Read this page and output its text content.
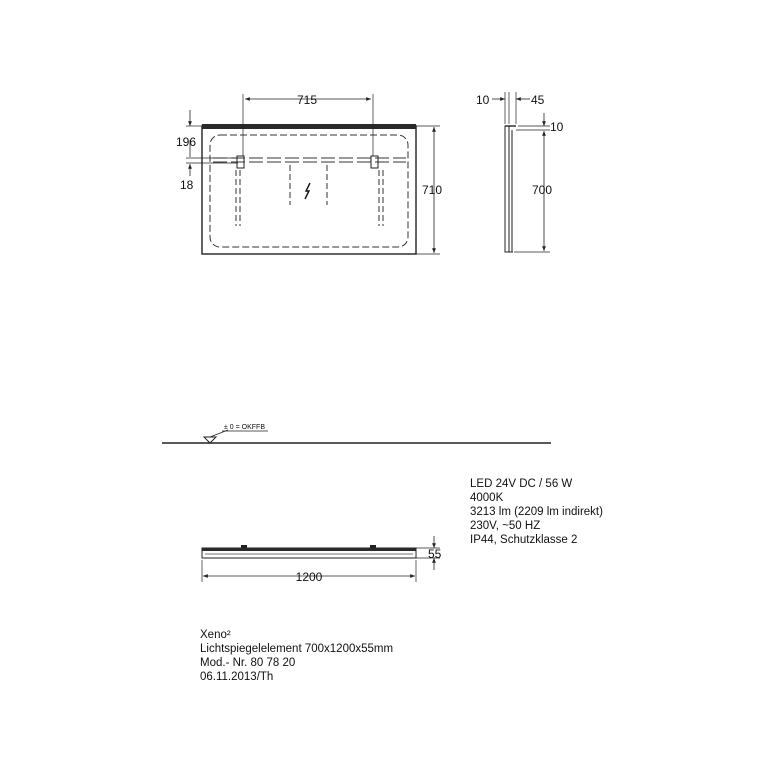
715
196
18	710
10	45
10
700
± 0 = OKFFB
55
1200
LED 24V DC / 56 W
4000K
3213 lm (2209 lm indirekt)
230V, ~50 HZ
IP44, Schutzklasse 2
Xeno²
Lichtspiegelelement 700x1200x55mm
Mod.- Nr. 80 78 20
06.11.2013/Th
